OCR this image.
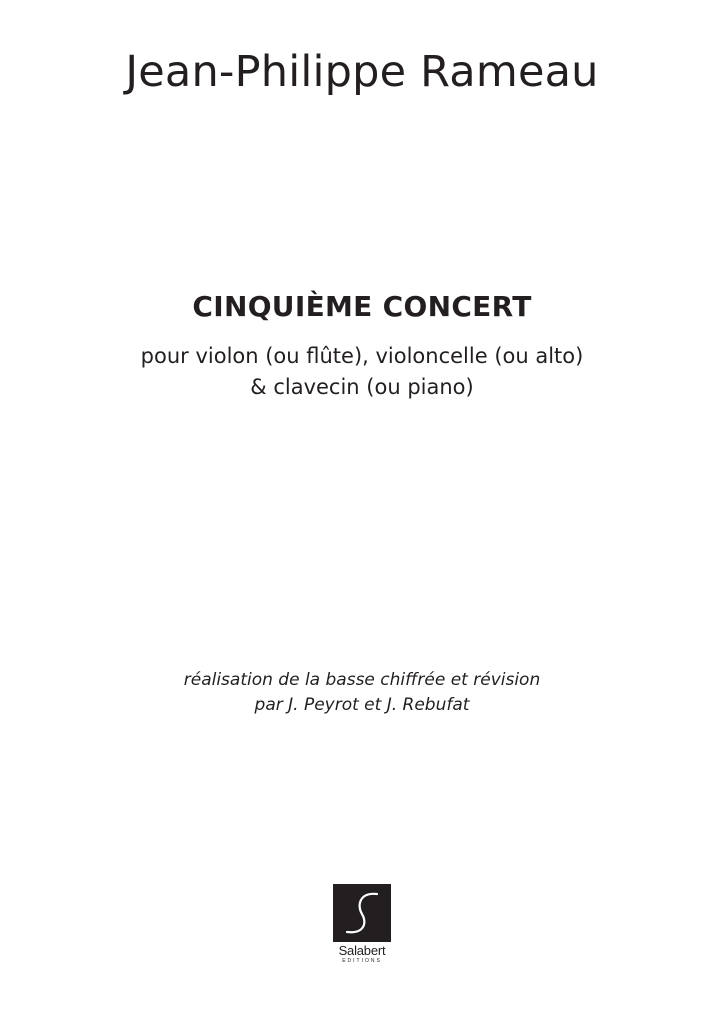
Jean-Philippe Rameau
CINQUIÈME CONCERT
pour violon (ou flûte), violoncelle (ou alto)
& clavecin (ou piano)
réalisation de la basse chiffrée et révision
par J. Peyrot et J. Rebufat
Salabert
EDITIONS
